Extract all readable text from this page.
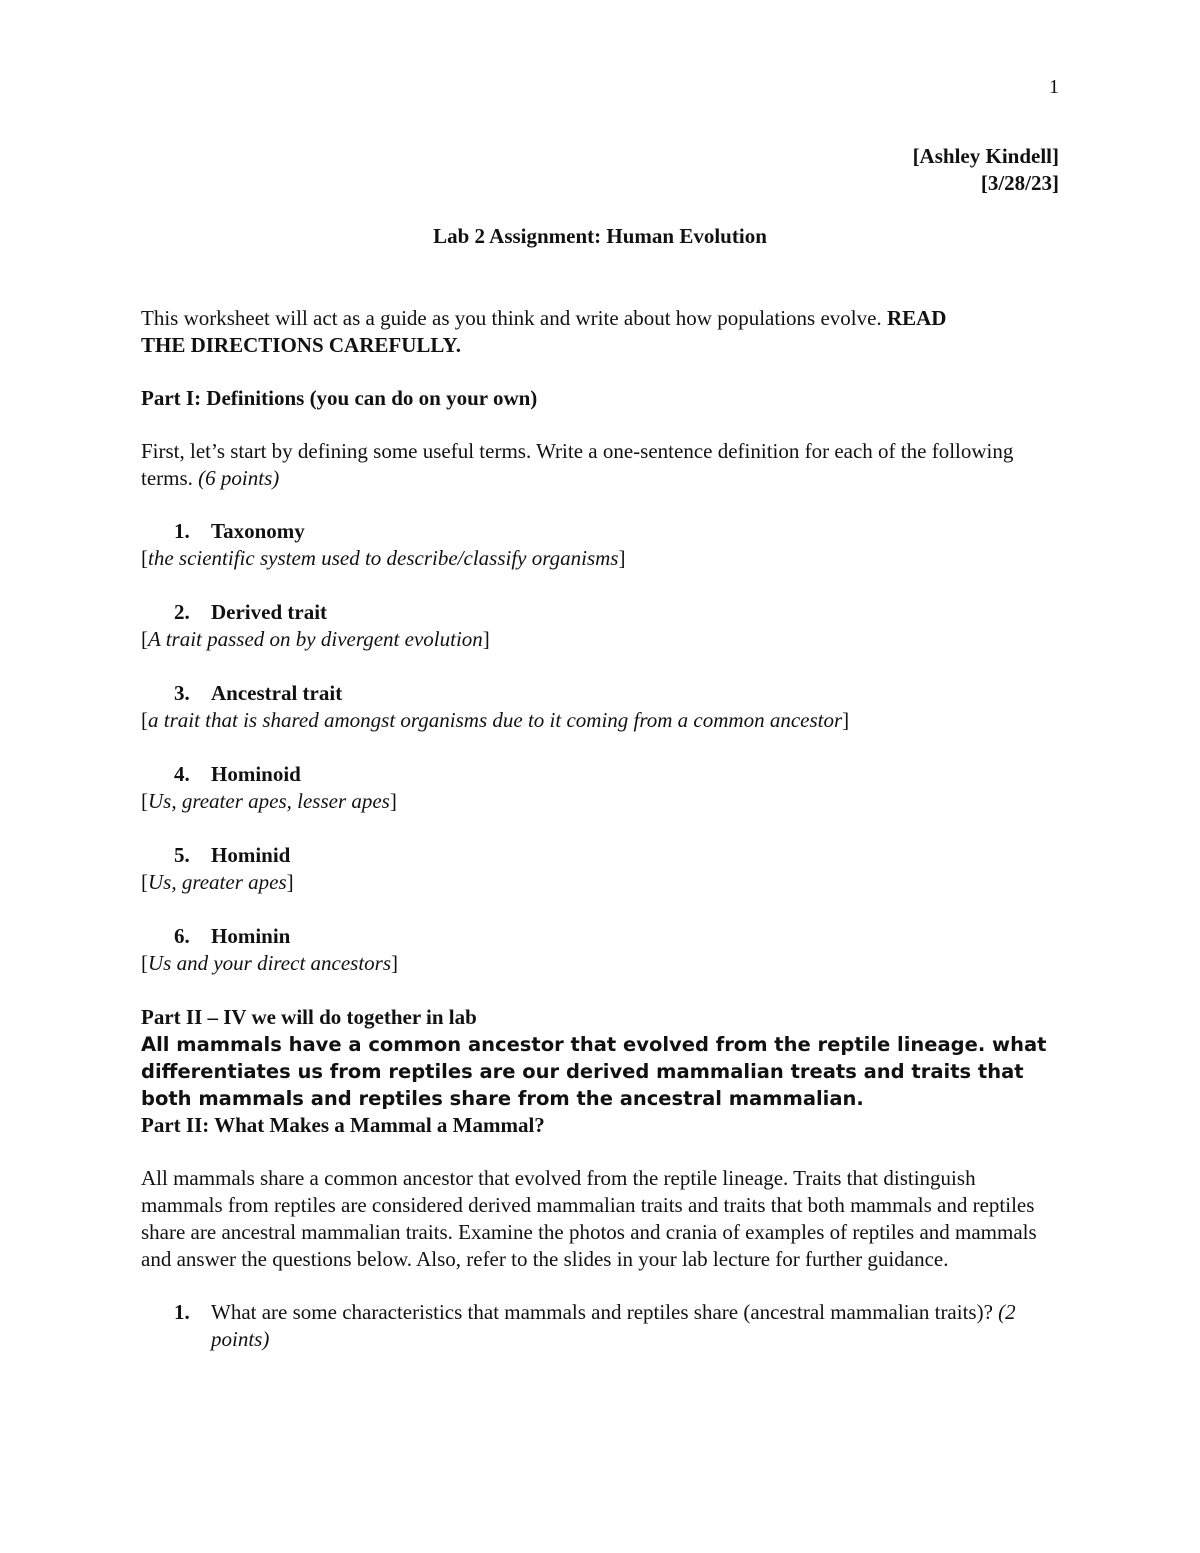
1
[Ashley Kindell]
[3/28/23]
Lab 2 Assignment: Human Evolution

This worksheet will act as a guide as you think and write about how populations evolve. READ
THE DIRECTIONS CAREFULLY.

Part I: Definitions (you can do on your own)

First, let’s start by defining some useful terms. Write a one-sentence definition for each of the following terms. (6 points)

1. Taxonomy

[the scientific system used to describe/classify organisms]

2. Derived trait

[A trait passed on by divergent evolution]

3. Ancestral trait

[a trait that is shared amongst organisms due to it coming from a common ancestor]

4. Hominoid

[Us, greater apes, lesser apes]

5. Hominid

[Us, greater apes]

6. Hominin

[Us and your direct ancestors]

Part II – IV we will do together in lab

All mammals have a common ancestor that evolved from the reptile lineage. what differentiates us from reptiles are our derived mammalian treats and traits that both mammals and reptiles share from the ancestral mammalian.

Part II: What Makes a Mammal a Mammal?

All mammals share a common ancestor that evolved from the reptile lineage. Traits that distinguish mammals from reptiles are considered derived mammalian traits and traits that both mammals and reptiles share are ancestral mammalian traits. Examine the photos and crania of examples of reptiles and mammals and answer the questions below. Also, refer to the slides in your lab lecture for further guidance.

1.	What are some characteristics that mammals and reptiles share (ancestral mammalian traits)? (2 points)
